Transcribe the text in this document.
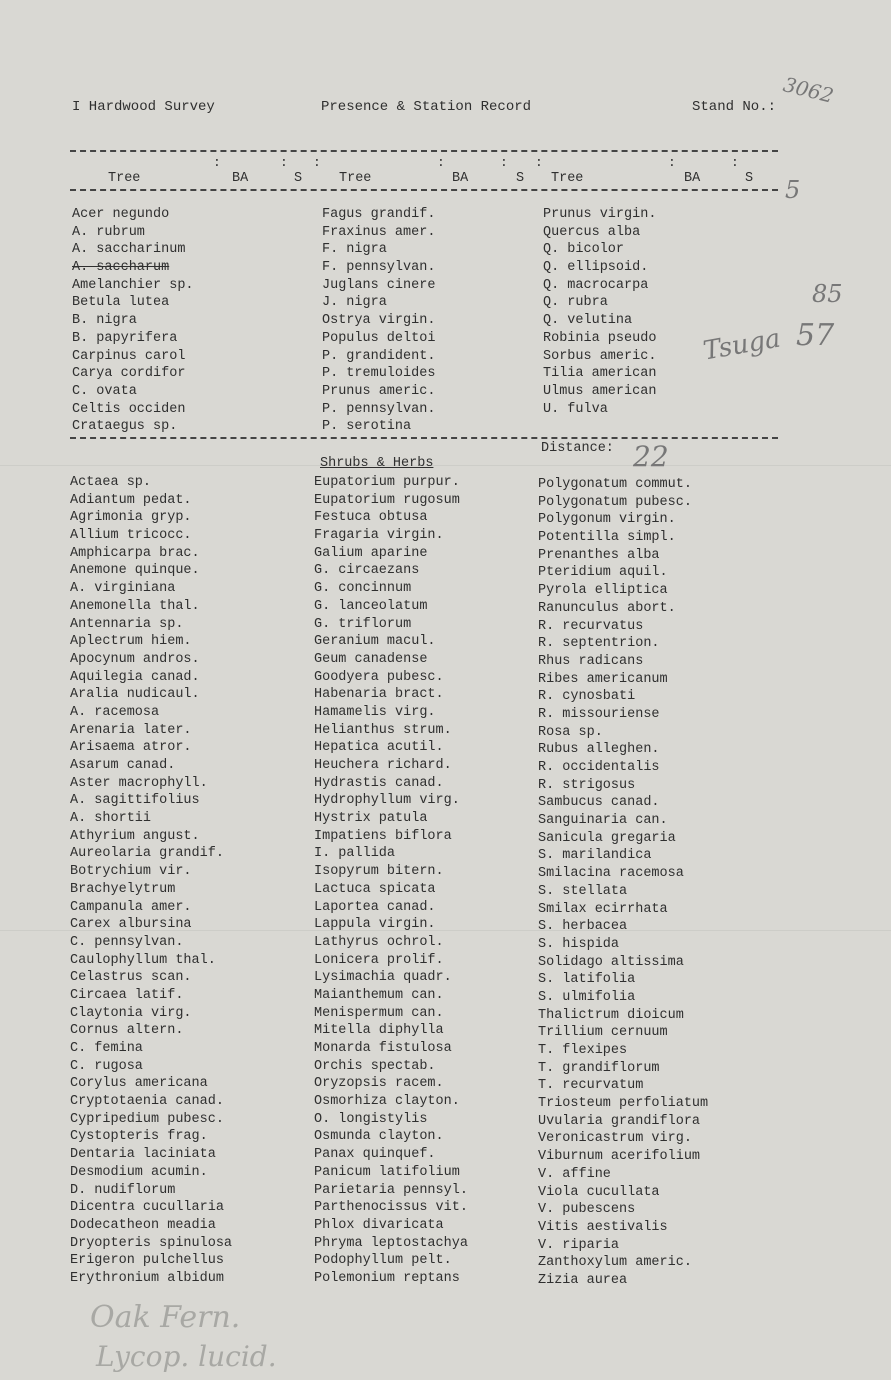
I Hardwood Survey	Presence & Station Record	Stand No.: 3062
:	: :	:	: :	:	:
Tree	BA	S	Tree	BA	S Tree	BA	S 5
Acer negundo
A. rubrum
A. saccharinum
A. saccharum
Amelanchier sp.
Betula lutea
B. nigra
B. papyrifera
Carpinus carol
Carya cordifor
C. ovata
Celtis occiden
Crataegus sp.
Fagus grandif.
Fraxinus amer.
F. nigra
F. pennsylvan.
Juglans cinere
J. nigra
Ostrya virgin.
Populus deltoi
P. grandident.
P. tremuloides
Prunus americ.
P. pennsylvan.
P. serotina
Prunus virgin.
Quercus alba
Q. bicolor
Q. ellipsoid.
Q. macrocarpa
Q. rubra
Q. velutina
Robinia pseudo
Sorbus americ.
Tilia american
Ulmus american
U. fulva
Tsuga
85
57
Distance: 22
Shrubs & Herbs
Actaea sp.
Adiantum pedat.
Agrimonia gryp.
Allium tricocc.
Amphicarpa brac.
Anemone quinque.
A. virginiana
Anemonella thal.
Antennaria sp.
Aplectrum hiem.
Apocynum andros.
Aquilegia canad.
Aralia nudicaul.
A. racemosa
Arenaria later.
Arisaema atror.
Asarum canad.
Aster macrophyll.
A. sagittifolius
A. shortii
Athyrium angust.
Aureolaria grandif.
Botrychium vir.
Brachyelytrum
Campanula amer.
Carex albursina
C. pennsylvan.
Caulophyllum thal.
Celastrus scan.
Circaea latif.
Claytonia virg.
Cornus altern.
C. femina
C. rugosa
Corylus americana
Cryptotaenia canad.
Cypripedium pubesc.
Cystopteris frag.
Dentaria laciniata
Desmodium acumin.
D. nudiflorum
Dicentra cucullaria
Dodecatheon meadia
Dryopteris spinulosa
Erigeron pulchellus
Erythronium albidum
Eupatorium purpur.
Eupatorium rugosum
Festuca obtusa
Fragaria virgin.
Galium aparine
G. circaezans
G. concinnum
G. lanceolatum
G. triflorum
Geranium macul.
Geum canadense
Goodyera pubesc.
Habenaria bract.
Hamamelis virg.
Helianthus strum.
Hepatica acutil.
Heuchera richard.
Hydrastis canad.
Hydrophyllum virg.
Hystrix patula
Impatiens biflora
I. pallida
Isopyrum bitern.
Lactuca spicata
Laportea canad.
Lappula virgin.
Lathyrus ochrol.
Lonicera prolif.
Lysimachia quadr.
Maianthemum can.
Menispermum can.
Mitella diphylla
Monarda fistulosa
Orchis spectab.
Oryzopsis racem.
Osmorhiza clayton.
O. longistylis
Osmunda clayton.
Panax quinquef.
Panicum latifolium
Parietaria pennsyl.
Parthenocissus vit.
Phlox divaricata
Phryma leptostachya
Podophyllum pelt.
Polemonium reptans
Polygonatum commut.
Polygonatum pubesc.
Polygonum virgin.
Potentilla simpl.
Prenanthes alba
Pteridium aquil.
Pyrola elliptica
Ranunculus abort.
R. recurvatus
R. septentrion.
Rhus radicans
Ribes americanum
R. cynosbati
R. missouriense
Rosa sp.
Rubus alleghen.
R. occidentalis
R. strigosus
Sambucus canad.
Sanguinaria can.
Sanicula gregaria
S. marilandica
Smilacina racemosa
S. stellata
Smilax ecirrhata
S. herbacea
S. hispida
Solidago altissima
S. latifolia
S. ulmifolia
Thalictrum dioicum
Trillium cernuum
T. flexipes
T. grandiflorum
T. recurvatum
Triosteum perfoliatum
Uvularia grandiflora
Veronicastrum virg.
Viburnum acerifolium
V. affine
Viola cucullata
V. pubescens
Vitis aestivalis
V. riparia
Zanthoxylum americ.
Zizia aurea
Oak Fern.
Lycop. lucid.
